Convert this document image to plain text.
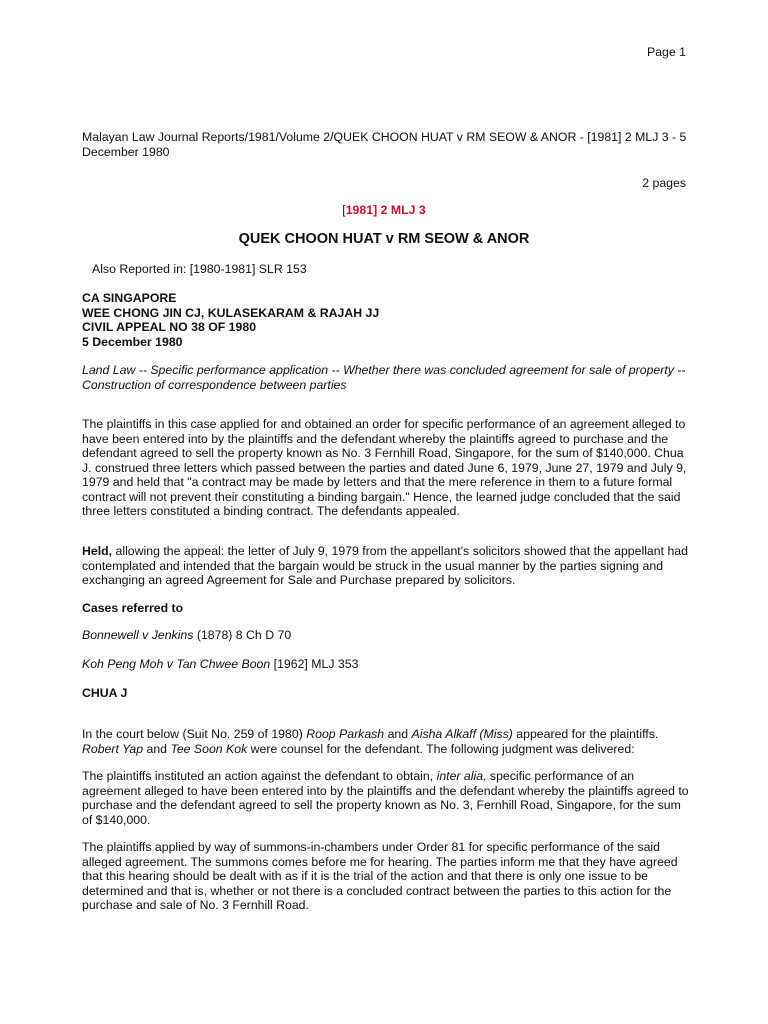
Page 1
Malayan Law Journal Reports/1981/Volume 2/QUEK CHOON HUAT v RM SEOW & ANOR - [1981] 2 MLJ 3 - 5 December 1980
2 pages
[1981] 2 MLJ 3
QUEK CHOON HUAT v RM SEOW & ANOR
Also Reported in: [1980-1981] SLR 153
CA SINGAPORE
WEE CHONG JIN CJ, KULASEKARAM & RAJAH JJ
CIVIL APPEAL NO 38 OF 1980
5 December 1980
Land Law -- Specific performance application -- Whether there was concluded agreement for sale of property -- Construction of correspondence between parties
The plaintiffs in this case applied for and obtained an order for specific performance of an agreement alleged to have been entered into by the plaintiffs and the defendant whereby the plaintiffs agreed to purchase and the defendant agreed to sell the property known as No. 3 Fernhill Road, Singapore, for the sum of $140,000. Chua J. construed three letters which passed between the parties and dated June 6, 1979, June 27, 1979 and July 9, 1979 and held that "a contract may be made by letters and that the mere reference in them to a future formal contract will not prevent their constituting a binding bargain." Hence, the learned judge concluded that the said three letters constituted a binding contract. The defendants appealed.
Held, allowing the appeal: the letter of July 9, 1979 from the appellant's solicitors showed that the appellant had contemplated and intended that the bargain would be struck in the usual manner by the parties signing and exchanging an agreed Agreement for Sale and Purchase prepared by solicitors.
Cases referred to
Bonnewell v Jenkins (1878) 8 Ch D 70
Koh Peng Moh v Tan Chwee Boon [1962] MLJ 353
CHUA J
In the court below (Suit No. 259 of 1980) Roop Parkash and Aisha Alkaff (Miss) appeared for the plaintiffs. Robert Yap and Tee Soon Kok were counsel for the defendant. The following judgment was delivered:
The plaintiffs instituted an action against the defendant to obtain, inter alia, specific performance of an agreement alleged to have been entered into by the plaintiffs and the defendant whereby the plaintiffs agreed to purchase and the defendant agreed to sell the property known as No. 3, Fernhill Road, Singapore, for the sum of $140,000.
The plaintiffs applied by way of summons-in-chambers under Order 81 for specific performance of the said alleged agreement. The summons comes before me for hearing. The parties inform me that they have agreed that this hearing should be dealt with as if it is the trial of the action and that there is only one issue to be determined and that is, whether or not there is a concluded contract between the parties to this action for the purchase and sale of No. 3 Fernhill Road.
